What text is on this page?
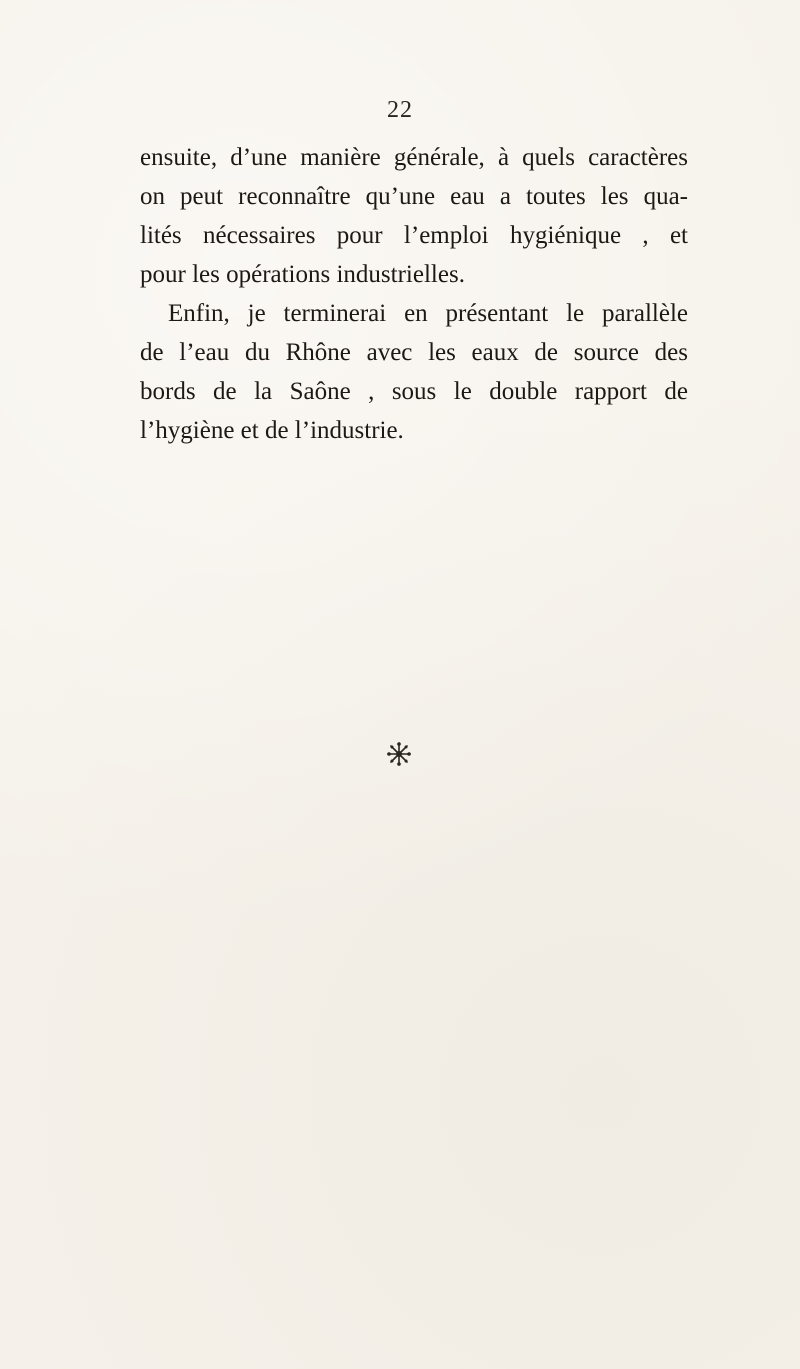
22
ensuite, d’une manière générale, à quels caractères
on peut reconnaître qu’une eau a toutes les qua-
lités nécessaires pour l’emploi hygiénique , et
pour les opérations industrielles.
Enfin, je terminerai en présentant le parallèle
de l’eau du Rhône avec les eaux de source des
bords de la Saône , sous le double rapport de
l’hygiène et de l’industrie.
